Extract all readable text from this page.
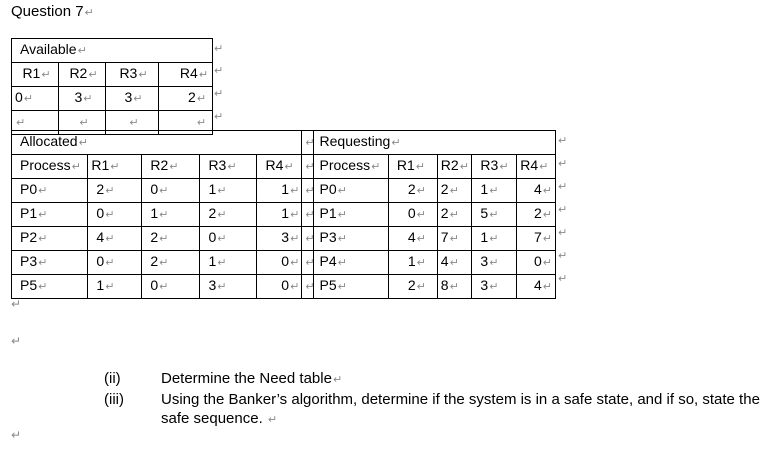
Question 7↵
Available↵			
R1↵	R2↵	R3↵	R4↵
0↵	3↵	3↵	2↵
↵	↵	↵	↵
↵
↵
↵
↵
Allocated↵					↵	Requesting↵				
Process↵	R1↵	R2↵	R3↵	R4↵	↵	Process↵	R1↵	R2↵	R3↵	R4↵
P0↵	2↵	0↵	1↵	1↵	↵	P0↵	2↵	2↵	1↵	4↵
P1↵	0↵	1↵	2↵	1↵	↵	P1↵	0↵	2↵	5↵	2↵
P2↵	4↵	2↵	0↵	3↵	↵	P3↵	4↵	7↵	1↵	7↵
P3↵	0↵	2↵	1↵	0↵	↵	P4↵	1↵	4↵	3↵	0↵
P5↵	1↵	0↵	3↵	0↵	↵	P5↵	2↵	8↵	3↵	4↵
↵
↵
↵
↵
↵
↵
↵
↵
↵
(ii)	Determine the Need table↵
(iii)	Using the Banker’s algorithm, determine if the system is in a safe state, and if so, state the safe sequence. ↵
↵
